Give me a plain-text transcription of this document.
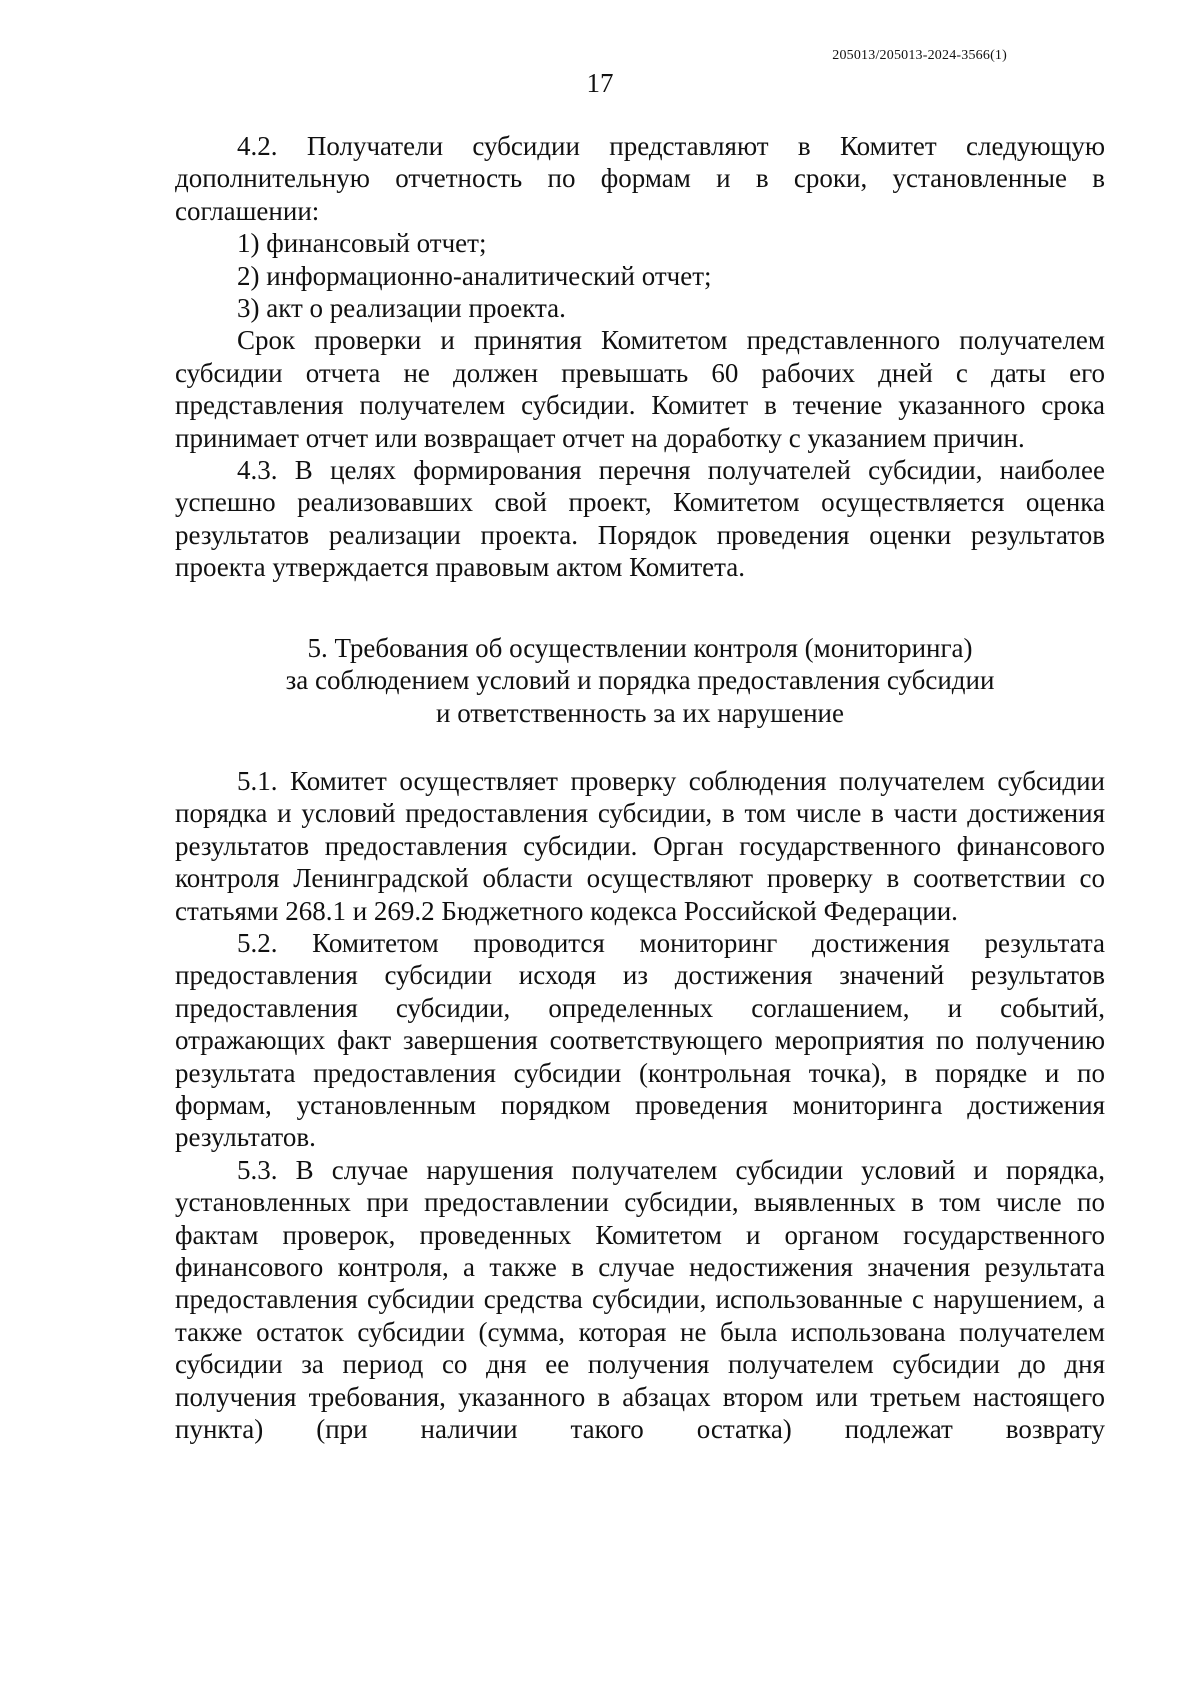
205013/205013-2024-3566(1)
17

4.2. Получатели субсидии представляют в Комитет следующую дополнительную отчетность по формам и в сроки, установленные в соглашении:

1) финансовый отчет;

2) информационно-аналитический отчет;

3) акт о реализации проекта.

Срок проверки и принятия Комитетом представленного получателем субсидии отчета не должен превышать 60 рабочих дней с даты его представления получателем субсидии. Комитет в течение указанного срока принимает отчет или возвращает отчет на доработку с указанием причин.

4.3. В целях формирования перечня получателей субсидии, наиболее успешно реализовавших свой проект, Комитетом осуществляется оценка результатов реализации проекта. Порядок проведения оценки результатов проекта утверждается правовым актом Комитета.

5. Требования об осуществлении контроля (мониторинга)
за соблюдением условий и порядка предоставления субсидии
и ответственность за их нарушение

5.1. Комитет осуществляет проверку соблюдения получателем субсидии порядка и условий предоставления субсидии, в том числе в части достижения результатов предоставления субсидии. Орган государственного финансового контроля Ленинградской области осуществляют проверку в соответствии со статьями 268.1 и 269.2 Бюджетного кодекса Российской Федерации.

5.2. Комитетом проводится мониторинг достижения результата предоставления субсидии исходя из достижения значений результатов предоставления субсидии, определенных соглашением, и событий, отражающих факт завершения соответствующего мероприятия по получению результата предоставления субсидии (контрольная точка), в порядке и по формам, установленным порядком проведения мониторинга достижения результатов.

5.3. В случае нарушения получателем субсидии условий и порядка, установленных при предоставлении субсидии, выявленных в том числе по фактам проверок, проведенных Комитетом и органом государственного финансового контроля, а также в случае недостижения значения результата предоставления субсидии средства субсидии, использованные с нарушением, а также остаток субсидии (сумма, которая не была использована получателем субсидии за период со дня ее получения получателем субсидии до дня получения требования, указанного в абзацах втором или третьем настоящего пункта) (при наличии такого остатка) подлежат возврату
